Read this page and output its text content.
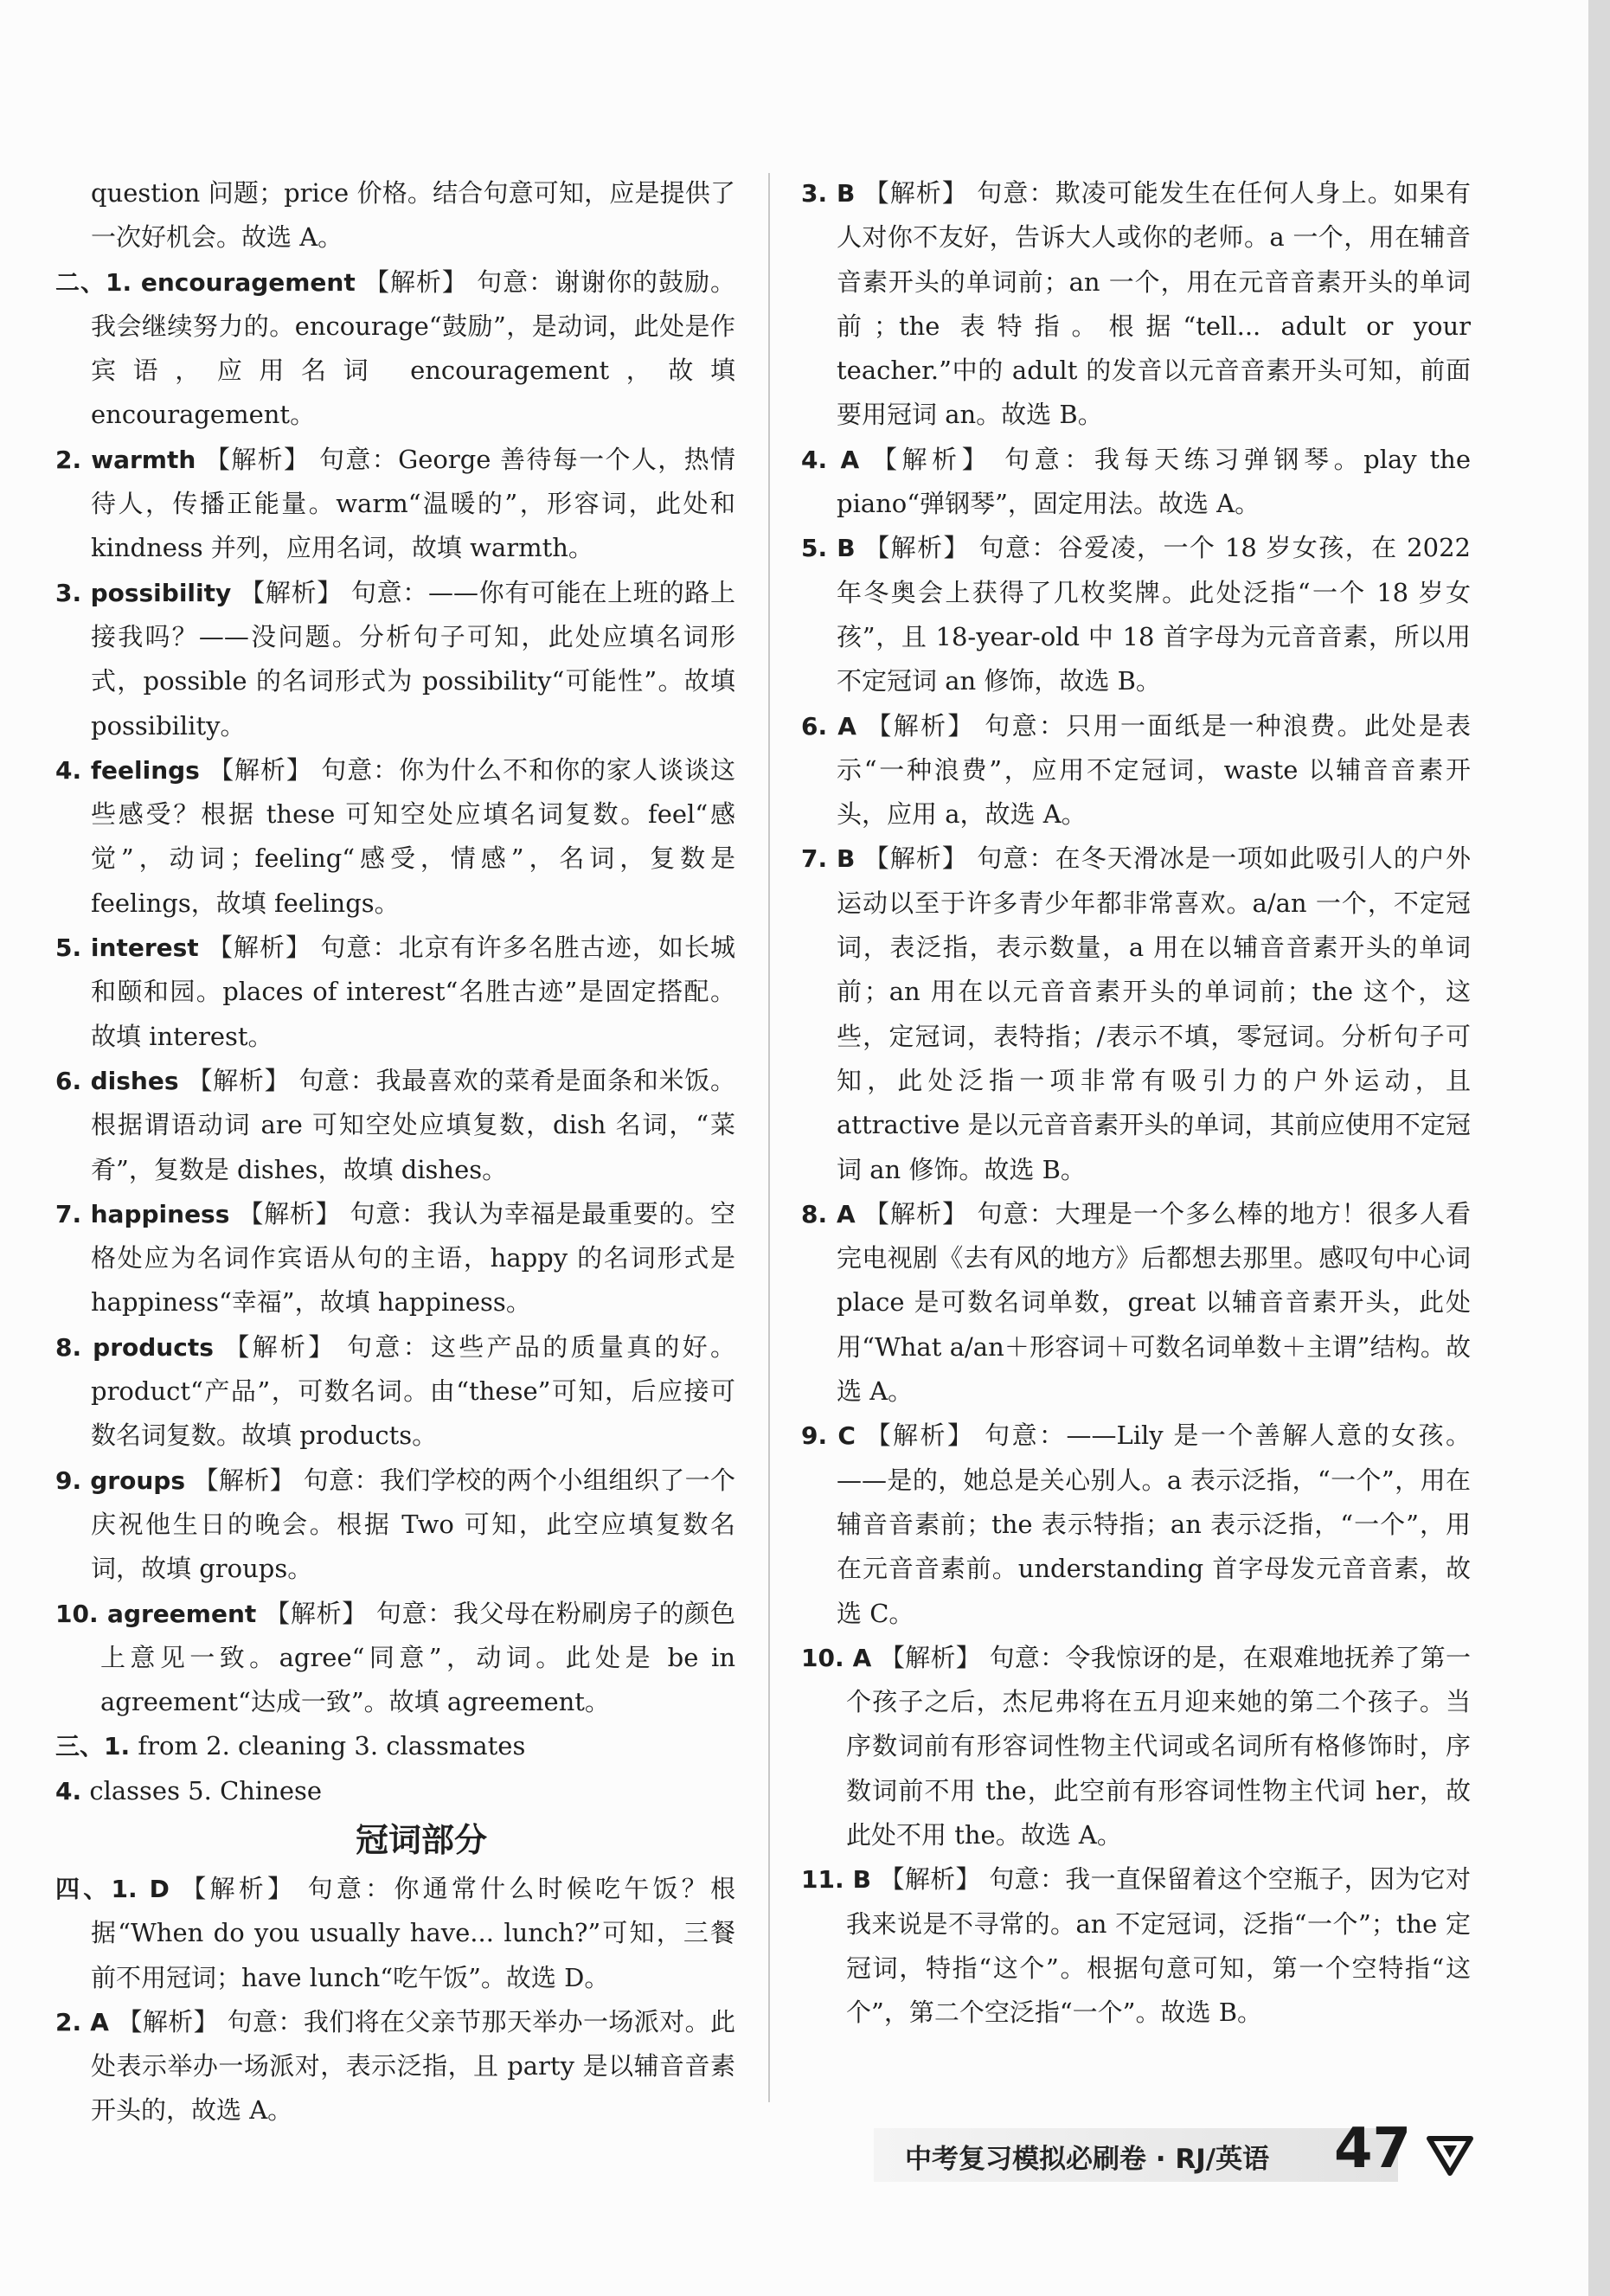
question 问题；price 价格。结合句意可知，应是提供了一次好机会。故选 A。
二、1. encouragement 【解析】 句意：谢谢你的鼓励。我会继续努力的。encourage“鼓励”，是动词，此处是作宾语，应用名词 encouragement，故填 encouragement。
2. warmth 【解析】 句意：George 善待每一个人，热情待人，传播正能量。warm“温暖的”，形容词，此处和 kindness 并列，应用名词，故填 warmth。
3. possibility 【解析】 句意：——你有可能在上班的路上接我吗？——没问题。分析句子可知，此处应填名词形式，possible 的名词形式为 possibility“可能性”。故填 possibility。
4. feelings 【解析】 句意：你为什么不和你的家人谈谈这些感受？根据 these 可知空处应填名词复数。feel“感觉”，动词；feeling“感受，情感”，名词，复数是 feelings，故填 feelings。
5. interest 【解析】 句意：北京有许多名胜古迹，如长城和颐和园。places of interest“名胜古迹”是固定搭配。故填 interest。
6. dishes 【解析】 句意：我最喜欢的菜肴是面条和米饭。根据谓语动词 are 可知空处应填复数，dish 名词，“菜肴”，复数是 dishes，故填 dishes。
7. happiness 【解析】 句意：我认为幸福是最重要的。空格处应为名词作宾语从句的主语，happy 的名词形式是 happiness“幸福”，故填 happiness。
8. products 【解析】 句意：这些产品的质量真的好。product“产品”，可数名词。由“these”可知，后应接可数名词复数。故填 products。
9. groups 【解析】 句意：我们学校的两个小组组织了一个庆祝他生日的晚会。根据 Two 可知，此空应填复数名词，故填 groups。
10. agreement 【解析】 句意：我父母在粉刷房子的颜色上意见一致。agree“同意”，动词。此处是 be in agreement“达成一致”。故填 agreement。
三、1. from 2. cleaning 3. classmates
4. classes 5. Chinese
冠词部分
四、1. D 【解析】 句意：你通常什么时候吃午饭？根据“When do you usually have... lunch?”可知，三餐前不用冠词；have lunch“吃午饭”。故选 D。
2. A 【解析】 句意：我们将在父亲节那天举办一场派对。此处表示举办一场派对，表示泛指，且 party 是以辅音音素开头的，故选 A。
3. B 【解析】 句意：欺凌可能发生在任何人身上。如果有人对你不友好，告诉大人或你的老师。a 一个，用在辅音音素开头的单词前；an 一个，用在元音音素开头的单词前；the 表特指。根据“tell... adult or your teacher.”中的 adult 的发音以元音音素开头可知，前面要用冠词 an。故选 B。
4. A 【解析】 句意：我每天练习弹钢琴。play the piano“弹钢琴”，固定用法。故选 A。
5. B 【解析】 句意：谷爱凌，一个 18 岁女孩，在 2022 年冬奥会上获得了几枚奖牌。此处泛指“一个 18 岁女孩”，且 18-year-old 中 18 首字母为元音音素，所以用不定冠词 an 修饰，故选 B。
6. A 【解析】 句意：只用一面纸是一种浪费。此处是表示“一种浪费”，应用不定冠词，waste 以辅音音素开头，应用 a，故选 A。
7. B 【解析】 句意：在冬天滑冰是一项如此吸引人的户外运动以至于许多青少年都非常喜欢。a/an 一个，不定冠词，表泛指，表示数量，a 用在以辅音音素开头的单词前；an 用在以元音音素开头的单词前；the 这个，这些，定冠词，表特指；/表示不填，零冠词。分析句子可知，此处泛指一项非常有吸引力的户外运动，且 attractive 是以元音音素开头的单词，其前应使用不定冠词 an 修饰。故选 B。
8. A 【解析】 句意：大理是一个多么棒的地方！很多人看完电视剧《去有风的地方》后都想去那里。感叹句中心词 place 是可数名词单数，great 以辅音音素开头，此处用“What a/an＋形容词＋可数名词单数＋主谓”结构。故选 A。
9. C 【解析】 句意：——Lily 是一个善解人意的女孩。——是的，她总是关心别人。a 表示泛指，“一个”，用在辅音音素前；the 表示特指；an 表示泛指，“一个”，用在元音音素前。understanding 首字母发元音音素，故选 C。
10. A 【解析】 句意：令我惊讶的是，在艰难地抚养了第一个孩子之后，杰尼弗将在五月迎来她的第二个孩子。当序数词前有形容词性物主代词或名词所有格修饰时，序数词前不用 the，此空前有形容词性物主代词 her，故此处不用 the。故选 A。
11. B 【解析】 句意：我一直保留着这个空瓶子，因为它对我来说是不寻常的。an 不定冠词，泛指“一个”；the 定冠词，特指“这个”。根据句意可知，第一个空特指“这个”，第二个空泛指“一个”。故选 B。
中考复习模拟必刷卷 · RJ/英语 47
